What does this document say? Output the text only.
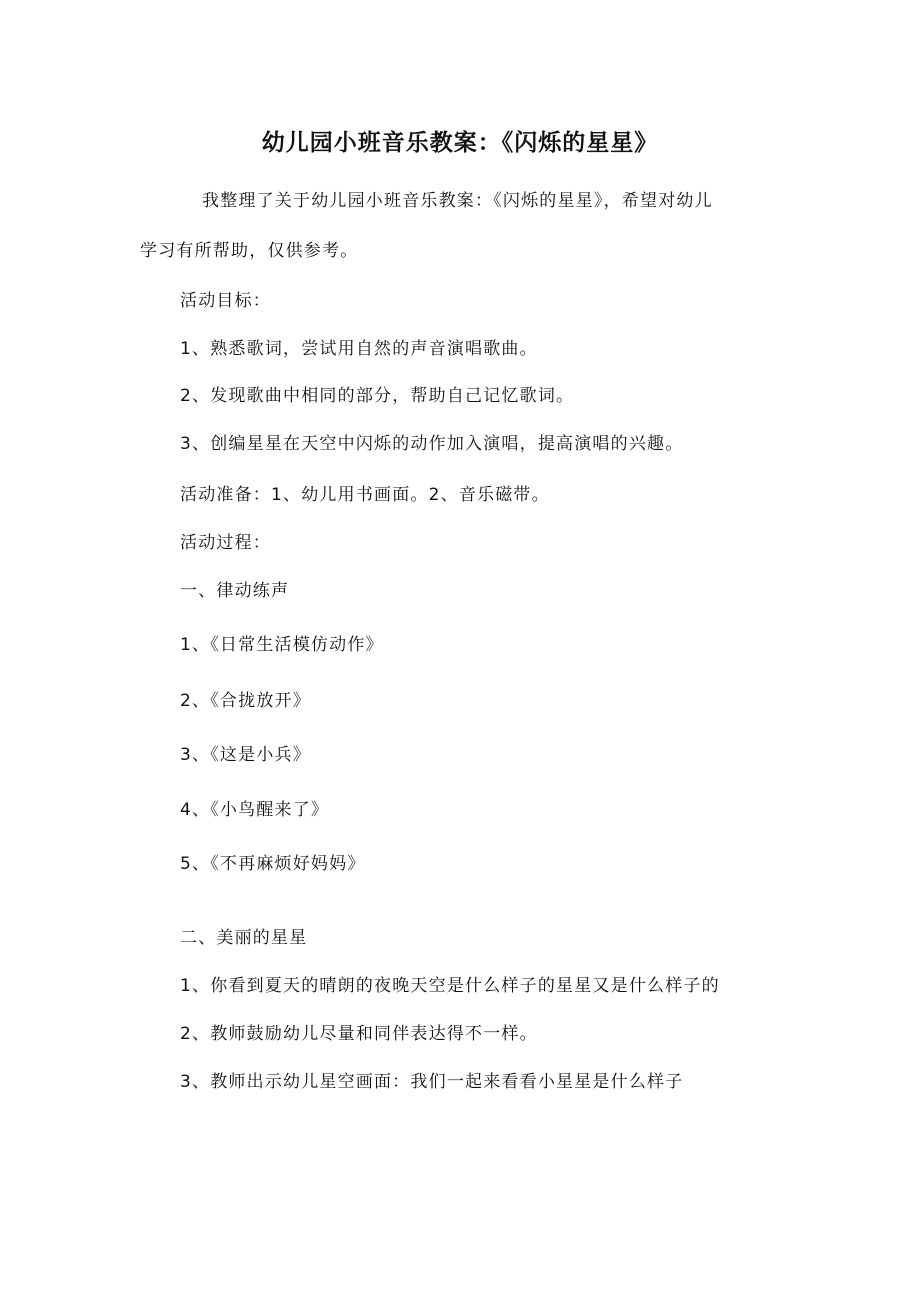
幼儿园小班音乐教案：《闪烁的星星》
我整理了关于幼儿园小班音乐教案：《闪烁的星星》，希望对幼儿
学习有所帮助，仅供参考。
活动目标：
1、熟悉歌词，尝试用自然的声音演唱歌曲。
2、发现歌曲中相同的部分，帮助自己记忆歌词。
3、创编星星在天空中闪烁的动作加入演唱，提高演唱的兴趣。
活动准备：1、幼儿用书画面。2、音乐磁带。
活动过程：
一、律动练声
1、《日常生活模仿动作》
2、《合拢放开》
3、《这是小兵》
4、《小鸟醒来了》
5、《不再麻烦好妈妈》
二、美丽的星星
1、你看到夏天的晴朗的夜晚天空是什么样子的星星又是什么样子的
2、教师鼓励幼儿尽量和同伴表达得不一样。
3、教师出示幼儿星空画面：我们一起来看看小星星是什么样子
